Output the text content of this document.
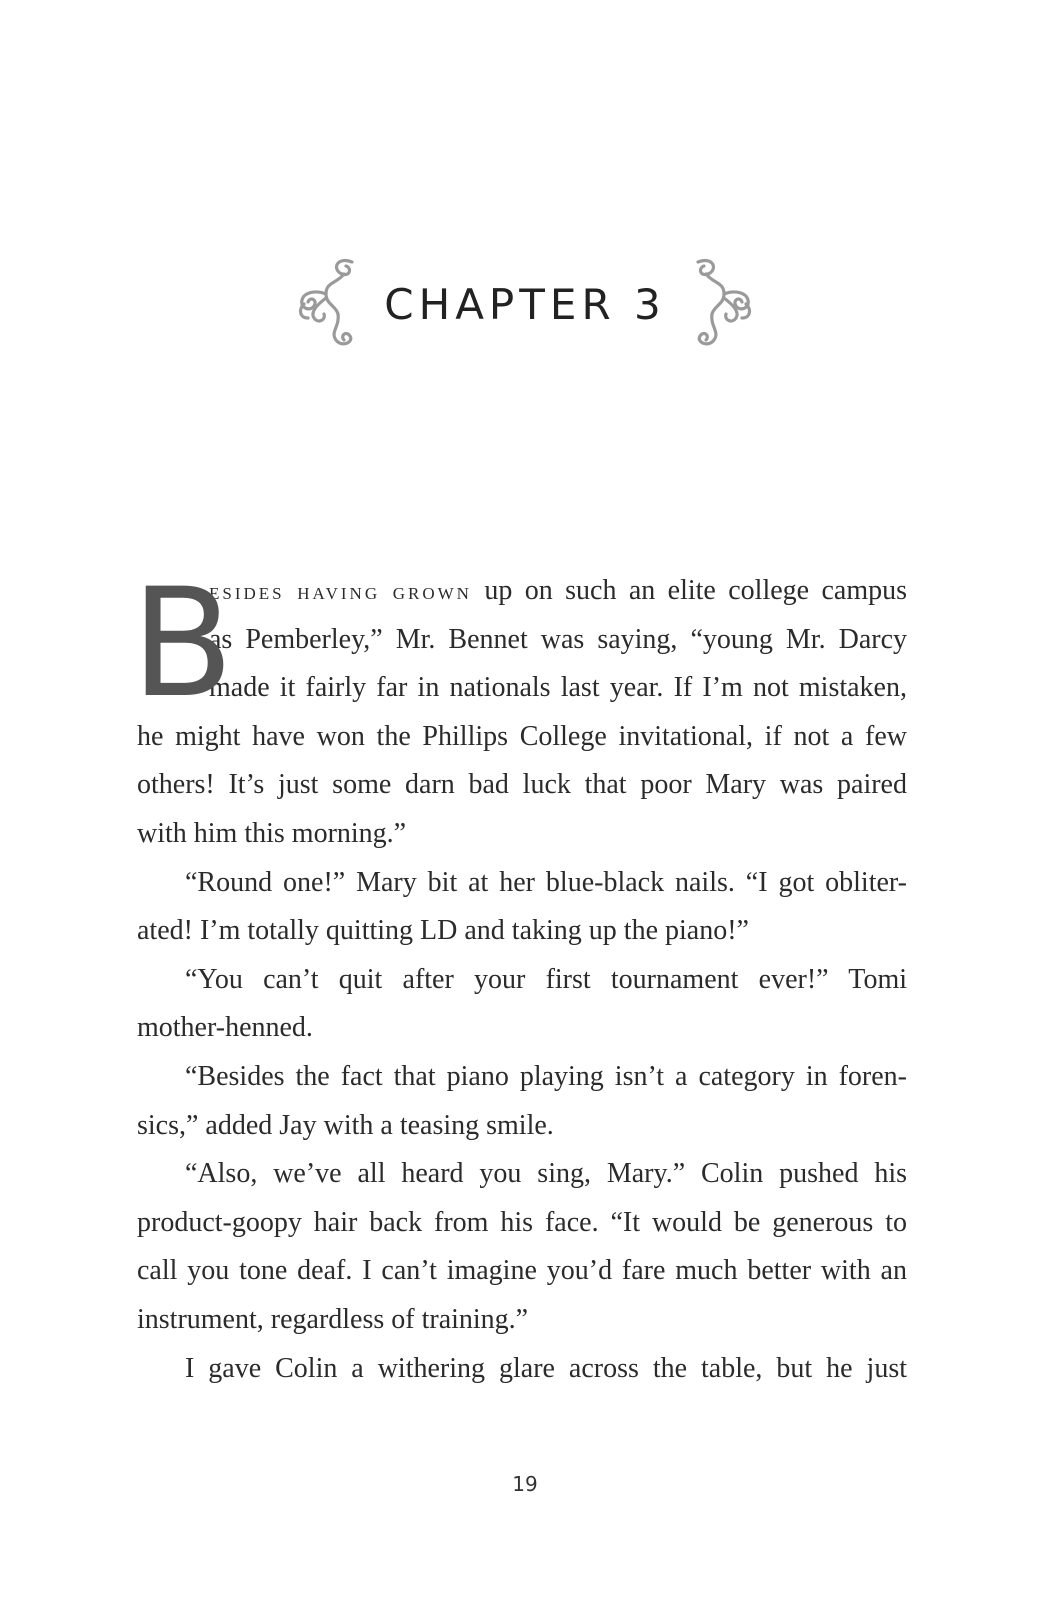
CHAPTER 3
B
ESIDES HAVING GROWN up on such an elite college campus
as Pemberley,” Mr. Bennet was saying, “young Mr. Darcy
made it fairly far in nationals last year. If I’m not mistaken,
he might have won the Phillips College invitational, if not a few
others! It’s just some darn bad luck that poor Mary was paired
with him this morning.”
“Round one!” Mary bit at her blue-black nails. “I got obliter-
ated! I’m totally quitting LD and taking up the piano!”
“You can’t quit after your first tournament ever!” Tomi
mother-henned.
“Besides the fact that piano playing isn’t a category in foren-
sics,” added Jay with a teasing smile.
“Also, we’ve all heard you sing, Mary.” Colin pushed his
product-goopy hair back from his face. “It would be generous to
call you tone deaf. I can’t imagine you’d fare much better with an
instrument, regardless of training.”
I gave Colin a withering glare across the table, but he just
19
